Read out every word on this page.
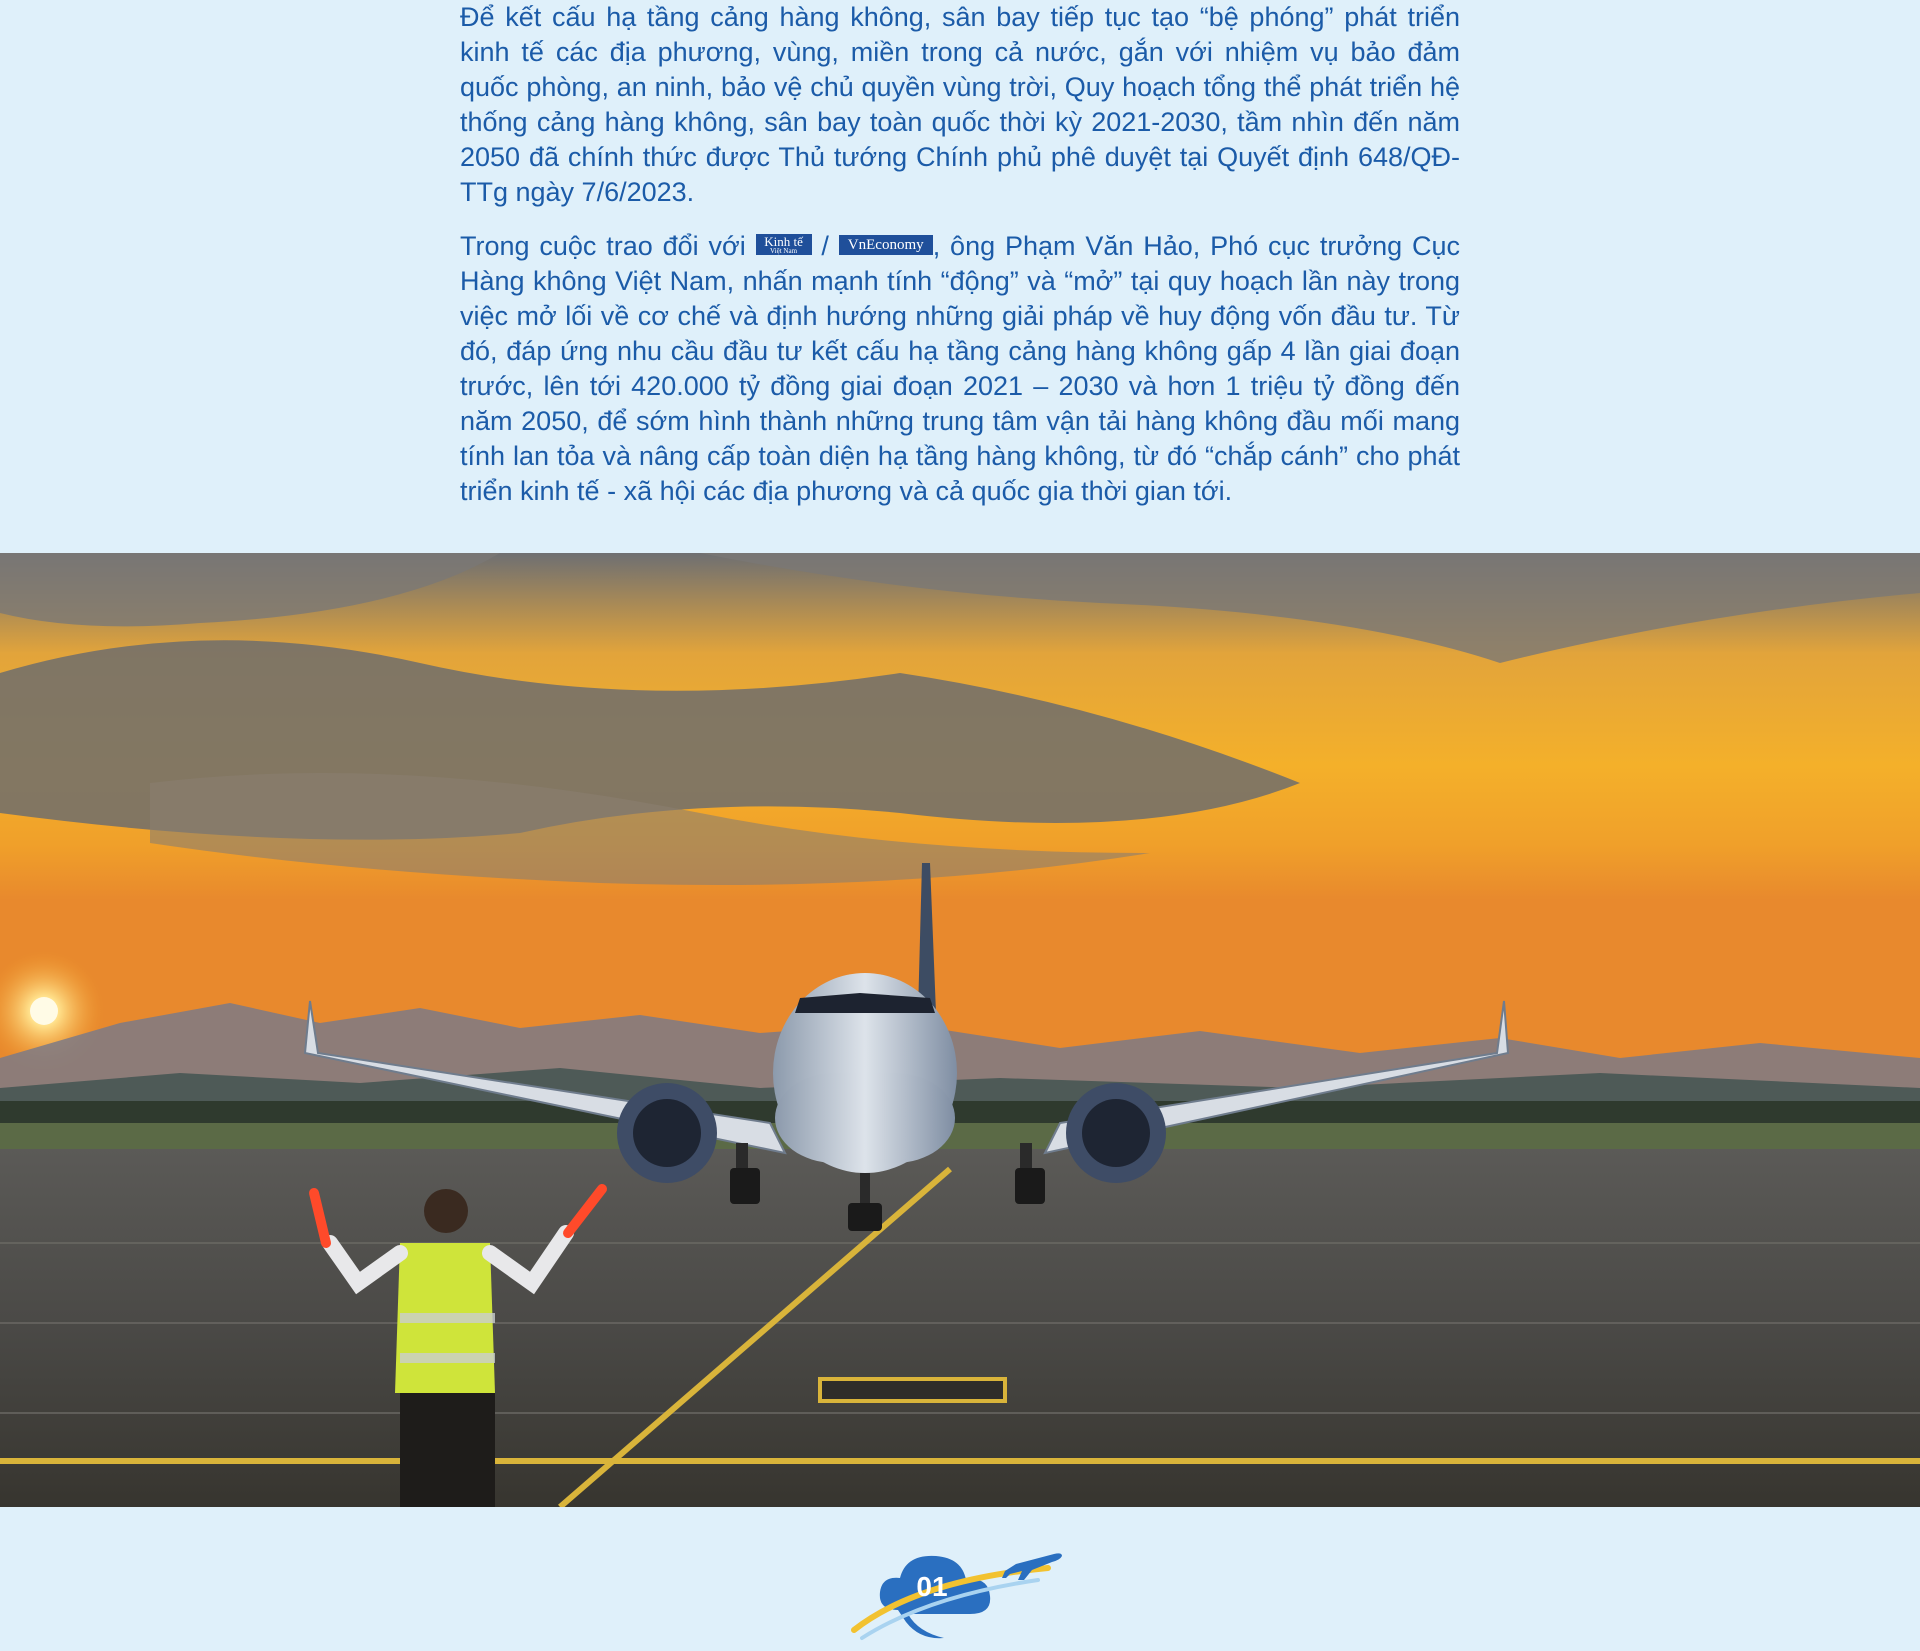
Để kết cấu hạ tầng cảng hàng không, sân bay tiếp tục tạo “bệ phóng” phát triển kinh tế các địa phương, vùng, miền trong cả nước, gắn với nhiệm vụ bảo đảm quốc phòng, an ninh, bảo vệ chủ quyền vùng trời, Quy hoạch tổng thể phát triển hệ thống cảng hàng không, sân bay toàn quốc thời kỳ 2021-2030, tầm nhìn đến năm 2050 đã chính thức được Thủ tướng Chính phủ phê duyệt tại Quyết định 648/QĐ-TTg ngày 7/6/2023.

Trong cuộc trao đổi với Kinh tế
Việt Nam / VnEconomy , ông Phạm Văn Hảo, Phó cục trưởng Cục Hàng không Việt Nam, nhấn mạnh tính “động” và “mở” tại quy hoạch lần này trong việc mở lối về cơ chế và định hướng những giải pháp về huy động vốn đầu tư. Từ đó, đáp ứng nhu cầu đầu tư kết cấu hạ tầng cảng hàng không gấp 4 lần giai đoạn trước, lên tới 420.000 tỷ đồng giai đoạn 2021 – 2030 và hơn 1 triệu tỷ đồng đến năm 2050, để sớm hình thành những trung tâm vận tải hàng không đầu mối mang tính lan tỏa và nâng cấp toàn diện hạ tầng hàng không, từ đó “chắp cánh” cho phát triển kinh tế - xã hội các địa phương và cả quốc gia thời gian tới.

01
